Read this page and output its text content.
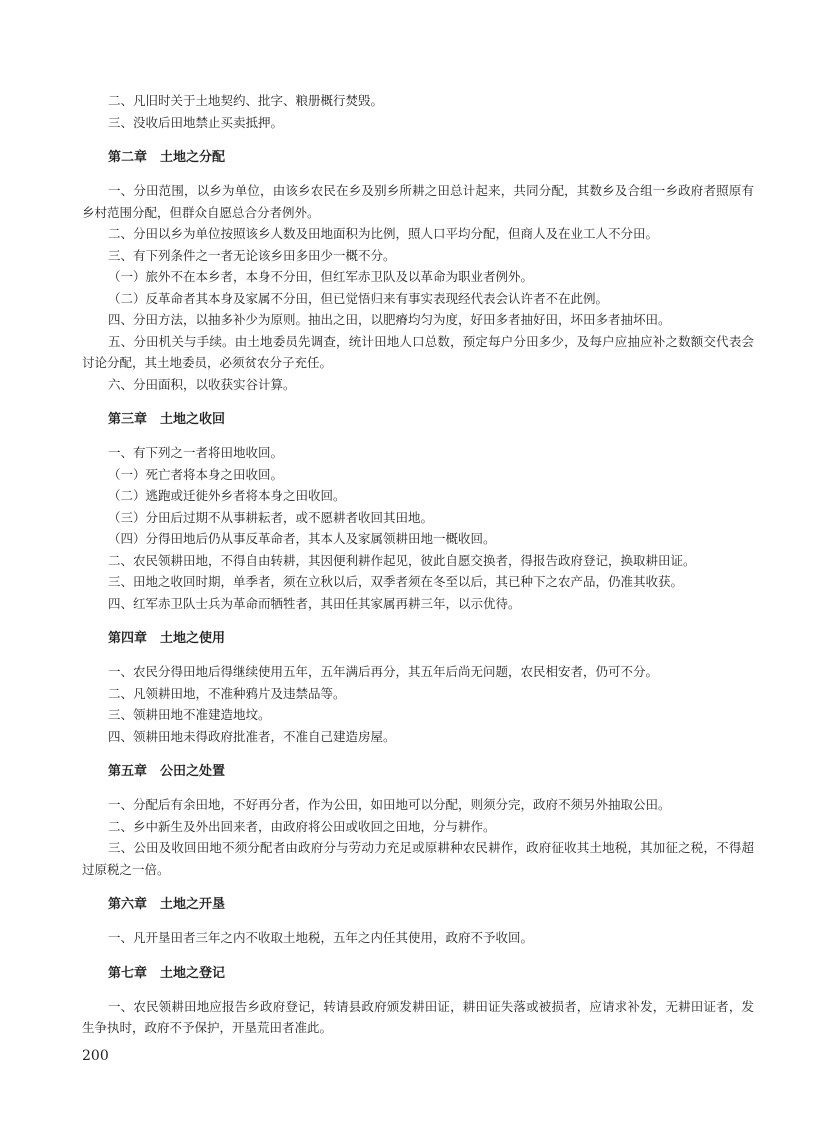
二、凡旧时关于土地契约、批字、粮册概行焚毁。

三、没收后田地禁止买卖抵押。

第二章　土地之分配

一、分田范围，以乡为单位，由该乡农民在乡及别乡所耕之田总计起来，共同分配，其数乡及合组一乡政府者照原有乡村范围分配，但群众自愿总合分者例外。

二、分田以乡为单位按照该乡人数及田地面积为比例，照人口平均分配，但商人及在业工人不分田。

三、有下列条件之一者无论该乡田多田少一概不分。

（一）旅外不在本乡者，本身不分田，但红军赤卫队及以革命为职业者例外。

（二）反革命者其本身及家属不分田，但已觉悟归来有事实表现经代表会认许者不在此例。

四、分田方法，以抽多补少为原则。抽出之田，以肥瘠均匀为度，好田多者抽好田，坏田多者抽坏田。

五、分田机关与手续。由土地委员先调查，统计田地人口总数，预定每户分田多少，及每户应抽应补之数额交代表会讨论分配，其土地委员，必须贫农分子充任。

六、分田面积，以收获实谷计算。

第三章　土地之收回

一、有下列之一者将田地收回。

（一）死亡者将本身之田收回。

（二）逃跑或迁徙外乡者将本身之田收回。

（三）分田后过期不从事耕耘者，或不愿耕者收回其田地。

（四）分得田地后仍从事反革命者，其本人及家属领耕田地一概收回。

二、农民领耕田地，不得自由转耕，其因便利耕作起见，彼此自愿交换者，得报告政府登记，换取耕田证。

三、田地之收回时期，单季者，须在立秋以后，双季者须在冬至以后，其已种下之农产品，仍准其收获。

四、红军赤卫队士兵为革命而牺牲者，其田任其家属再耕三年，以示优待。

第四章　土地之使用

一、农民分得田地后得继续使用五年，五年满后再分，其五年后尚无问题，农民相安者，仍可不分。

二、凡领耕田地，不准种鸦片及违禁品等。

三、领耕田地不准建造地坟。

四、领耕田地未得政府批准者，不准自己建造房屋。

第五章　公田之处置

一、分配后有余田地，不好再分者，作为公田，如田地可以分配，则须分完，政府不须另外抽取公田。

二、乡中新生及外出回来者，由政府将公田或收回之田地，分与耕作。

三、公田及收回田地不须分配者由政府分与劳动力充足或原耕种农民耕作，政府征收其土地税，其加征之税，不得超过原税之一倍。

第六章　土地之开垦

一、凡开垦田者三年之内不收取土地税，五年之内任其使用，政府不予收回。

第七章　土地之登记

一、农民领耕田地应报告乡政府登记，转请县政府颁发耕田证，耕田证失落或被损者，应请求补发，无耕田证者，发生争执时，政府不予保护，开垦荒田者准此。

200
